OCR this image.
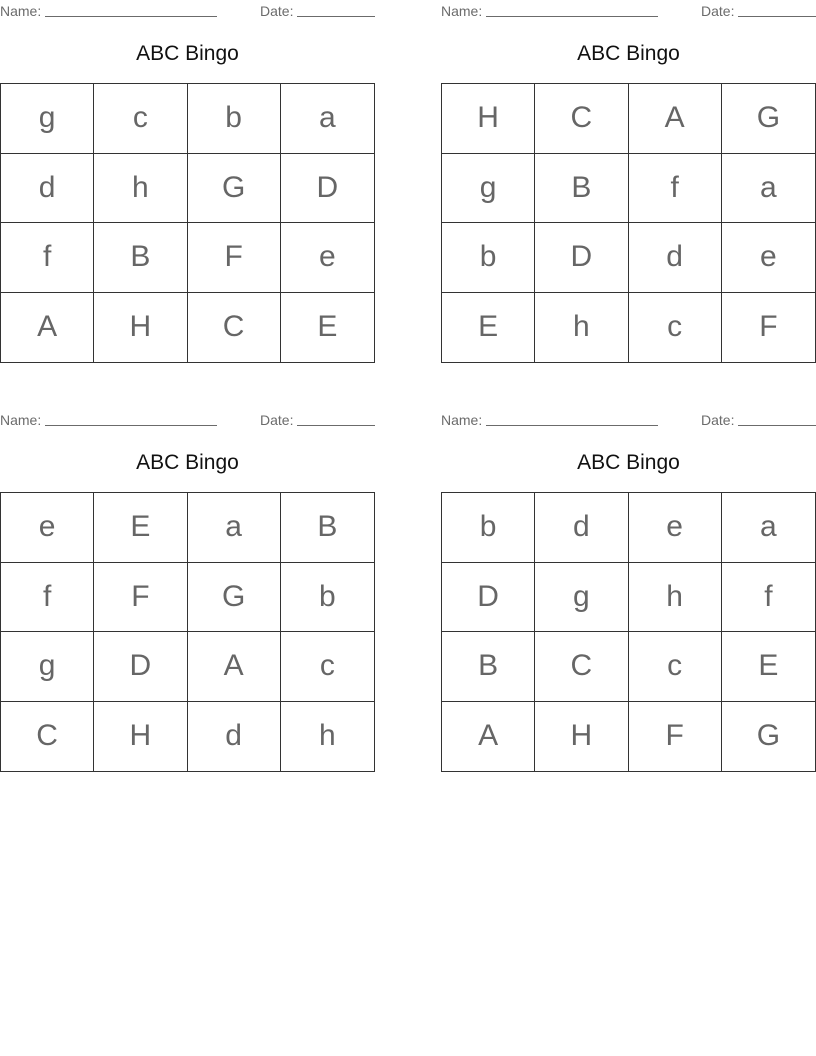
Name:	Date:
ABC Bingo
g	c	b	a
d	h	G	D
f	B	F	e
A	H	C	E
Name:	Date:
ABC Bingo
H	C	A	G
g	B	f	a
b	D	d	e
E	h	c	F
Name:	Date:
ABC Bingo
e	E	a	B
f	F	G	b
g	D	A	c
C	H	d	h
Name:	Date:
ABC Bingo
b	d	e	a
D	g	h	f
B	C	c	E
A	H	F	G
